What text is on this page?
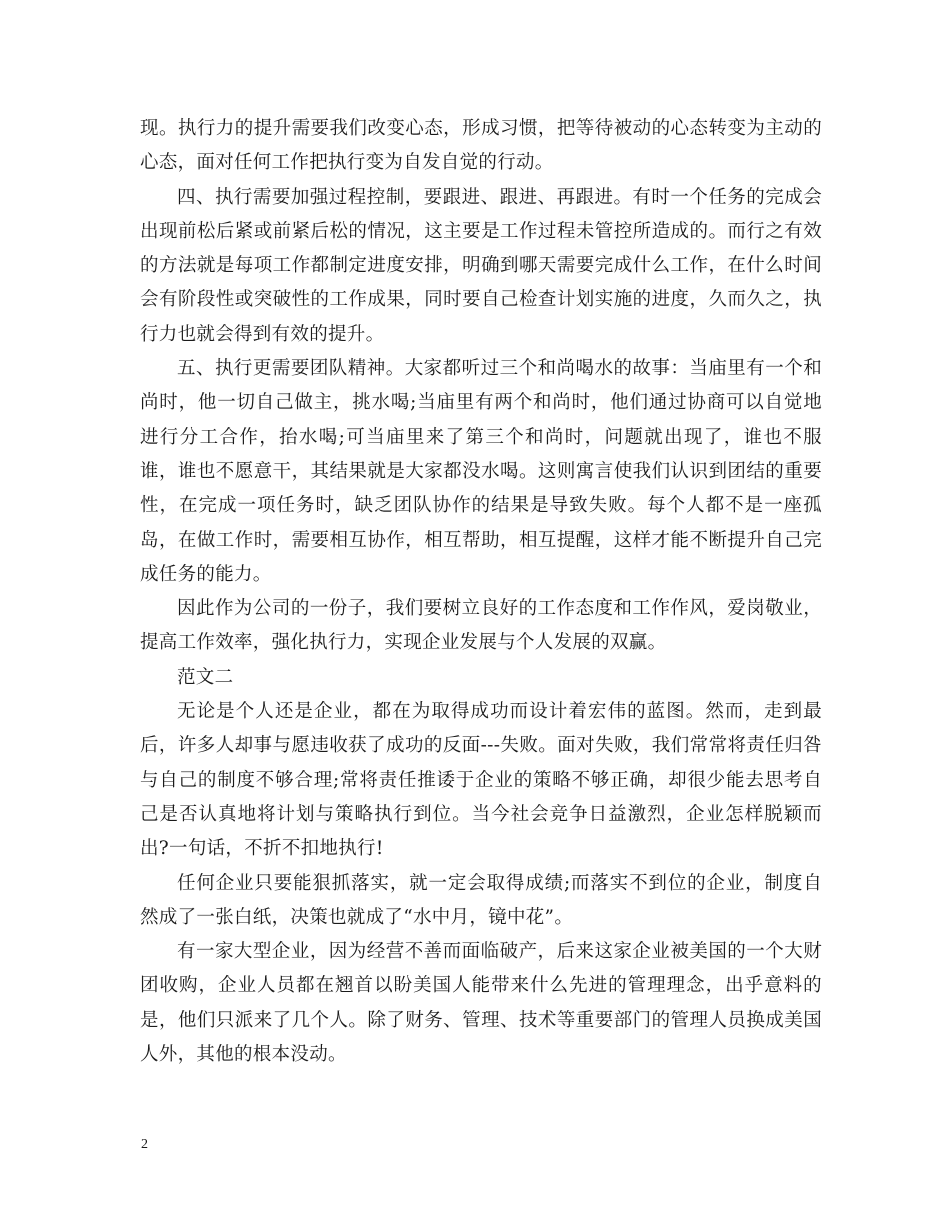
现。执行力的提升需要我们改变心态，形成习惯，把等待被动的心态转变为主动的心态，面对任何工作把执行变为自发自觉的行动。

四、执行需要加强过程控制，要跟进、跟进、再跟进。有时一个任务的完成会出现前松后紧或前紧后松的情况，这主要是工作过程未管控所造成的。而行之有效的方法就是每项工作都制定进度安排，明确到哪天需要完成什么工作，在什么时间会有阶段性或突破性的工作成果，同时要自己检查计划实施的进度，久而久之，执行力也就会得到有效的提升。

五、执行更需要团队精神。大家都听过三个和尚喝水的故事：当庙里有一个和尚时，他一切自己做主，挑水喝;当庙里有两个和尚时，他们通过协商可以自觉地进行分工合作，抬水喝;可当庙里来了第三个和尚时，问题就出现了，谁也不服谁，谁也不愿意干，其结果就是大家都没水喝。这则寓言使我们认识到团结的重要性，在完成一项任务时，缺乏团队协作的结果是导致失败。每个人都不是一座孤岛，在做工作时，需要相互协作，相互帮助，相互提醒，这样才能不断提升自己完成任务的能力。

因此作为公司的一份子，我们要树立良好的工作态度和工作作风，爱岗敬业，提高工作效率，强化执行力，实现企业发展与个人发展的双赢。

范文二

无论是个人还是企业，都在为取得成功而设计着宏伟的蓝图。然而，走到最后，许多人却事与愿违收获了成功的反面---失败。面对失败，我们常常将责任归咎与自己的制度不够合理;常将责任推诿于企业的策略不够正确，却很少能去思考自己是否认真地将计划与策略执行到位。当今社会竞争日益激烈，企业怎样脱颖而出?一句话，不折不扣地执行!

任何企业只要能狠抓落实，就一定会取得成绩;而落实不到位的企业，制度自然成了一张白纸，决策也就成了“水中月，镜中花”。

有一家大型企业，因为经营不善而面临破产，后来这家企业被美国的一个大财团收购，企业人员都在翘首以盼美国人能带来什么先进的管理理念，出乎意料的是，他们只派来了几个人。除了财务、管理、技术等重要部门的管理人员换成美国人外，其他的根本没动。

2
